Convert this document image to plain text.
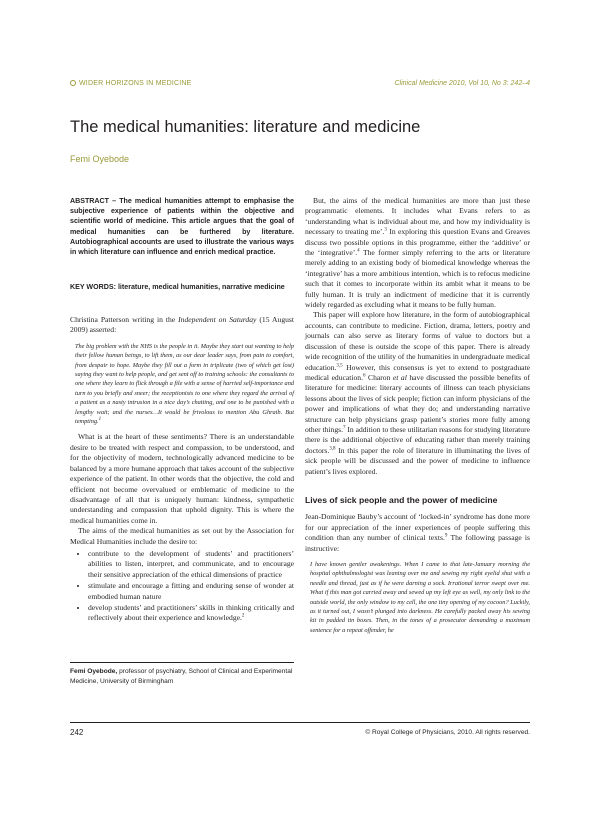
WIDER HORIZONS IN MEDICINE	Clinical Medicine 2010, Vol 10, No 3: 242–4
The medical humanities: literature and medicine
Femi Oyebode
ABSTRACT – The medical humanities attempt to emphasise the subjective experience of patients within the objective and scientific world of medicine. This article argues that the goal of medical humanities can be furthered by literature. Autobiographical accounts are used to illustrate the various ways in which literature can influence and enrich medical practice.
KEY WORDS: literature, medical humanities, narrative medicine

Christina Patterson writing in the Independent on Saturday (15 August 2009) asserted:

The big problem with the NHS is the people in it. Maybe they start out wanting to help their fellow human beings, to lift them, as our dear leader says, from pain to comfort, from despair to hope. Maybe they fill out a form in triplicate (two of which get lost) saying they want to help people, and get sent off to training schools: the consultants to one where they learn to flick through a file with a sense of harried self-importance and turn to you briefly and sneer; the receptionists to one where they regard the arrival of a patient as a nasty intrusion in a nice day’s chatting, and one to be punished with a lengthy wait; and the nurses…It would be frivolous to mention Abu Ghraib. But tempting.$^1$

What is at the heart of these sentiments? There is an understandable desire to be treated with respect and compassion, to be understood, and for the objectivity of modern, technologically advanced medicine to be balanced by a more humane approach that takes account of the subjective experience of the patient. In other words that the objective, the cold and efficient not become overvalued or emblematic of medicine to the disadvantage of all that is uniquely human: kindness, sympathetic understanding and compassion that uphold dignity. This is where the medical humanities come in.

The aims of the medical humanities as set out by the Association for Medical Humanities include the desire to:

• contribute to the development of students’ and practitioners’ abilities to listen, interpret, and communicate, and to encourage their sensitive appreciation of the ethical dimensions of practice
• stimulate and encourage a fitting and enduring sense of wonder at embodied human nature
• develop students’ and practitioners’ skills in thinking critically and reflectively about their experience and knowledge.$^2$
Femi Oyebode, professor of psychiatry, School of Clinical and Experimental Medicine, University of Birmingham

But, the aims of the medical humanities are more than just these programmatic elements. It includes what Evans refers to as ‘understanding what is individual about me, and how my individuality is necessary to treating me’.$^3$ In exploring this question Evans and Greaves discuss two possible options in this programme, either the ‘additive’ or the ‘integrative’.$^4$ The former simply referring to the arts or literature merely adding to an existing body of biomedical knowledge whereas the ‘integrative’ has a more ambitious intention, which is to refocus medicine such that it comes to incorporate within its ambit what it means to be fully human. It is truly an indictment of medicine that it is currently widely regarded as excluding what it means to be fully human.

This paper will explore how literature, in the form of autobiographical accounts, can contribute to medicine. Fiction, drama, letters, poetry and journals can also serve as literary forms of value to doctors but a discussion of these is outside the scope of this paper. There is already wide recognition of the utility of the humanities in undergraduate medical education.$^{3,5}$ However, this consensus is yet to extend to postgraduate medical education.$^6$ Charon et al have discussed the possible benefits of literature for medicine: literary accounts of illness can teach physicians lessons about the lives of sick people; fiction can inform physicians of the power and implications of what they do; and understanding narrative structure can help physicians grasp patient’s stories more fully among other things.$^7$ In addition to these utilitarian reasons for studying literature there is the additional objective of educating rather than merely training doctors.$^{3,8}$ In this paper the role of literature in illuminating the lives of sick people will be discussed and the power of medicine to influence patient’s lives explored.

Lives of sick people and the power of medicine

Jean-Dominique Bauby’s account of ‘locked-in’ syndrome has done more for our appreciation of the inner experiences of people suffering this condition than any number of clinical texts.$^9$ The following passage is instructive:

I have known gentler awakenings. When I came to that late-January morning the hospital ophthalmologist was leaning over me and sewing my right eyelid shut with a needle and thread, just as if he were darning a sock. Irrational terror swept over me. What if this man got carried away and sewed up my left eye as well, my only link to the outside world, the only window to my cell, the one tiny opening of my cocoon? Luckily, as it turned out, I wasn’t plunged into darkness. He carefully packed away his sewing kit in padded tin boxes. Then, in the tones of a prosecutor demanding a maximum sentence for a repeat offender, he

242	© Royal College of Physicians, 2010. All rights reserved.
